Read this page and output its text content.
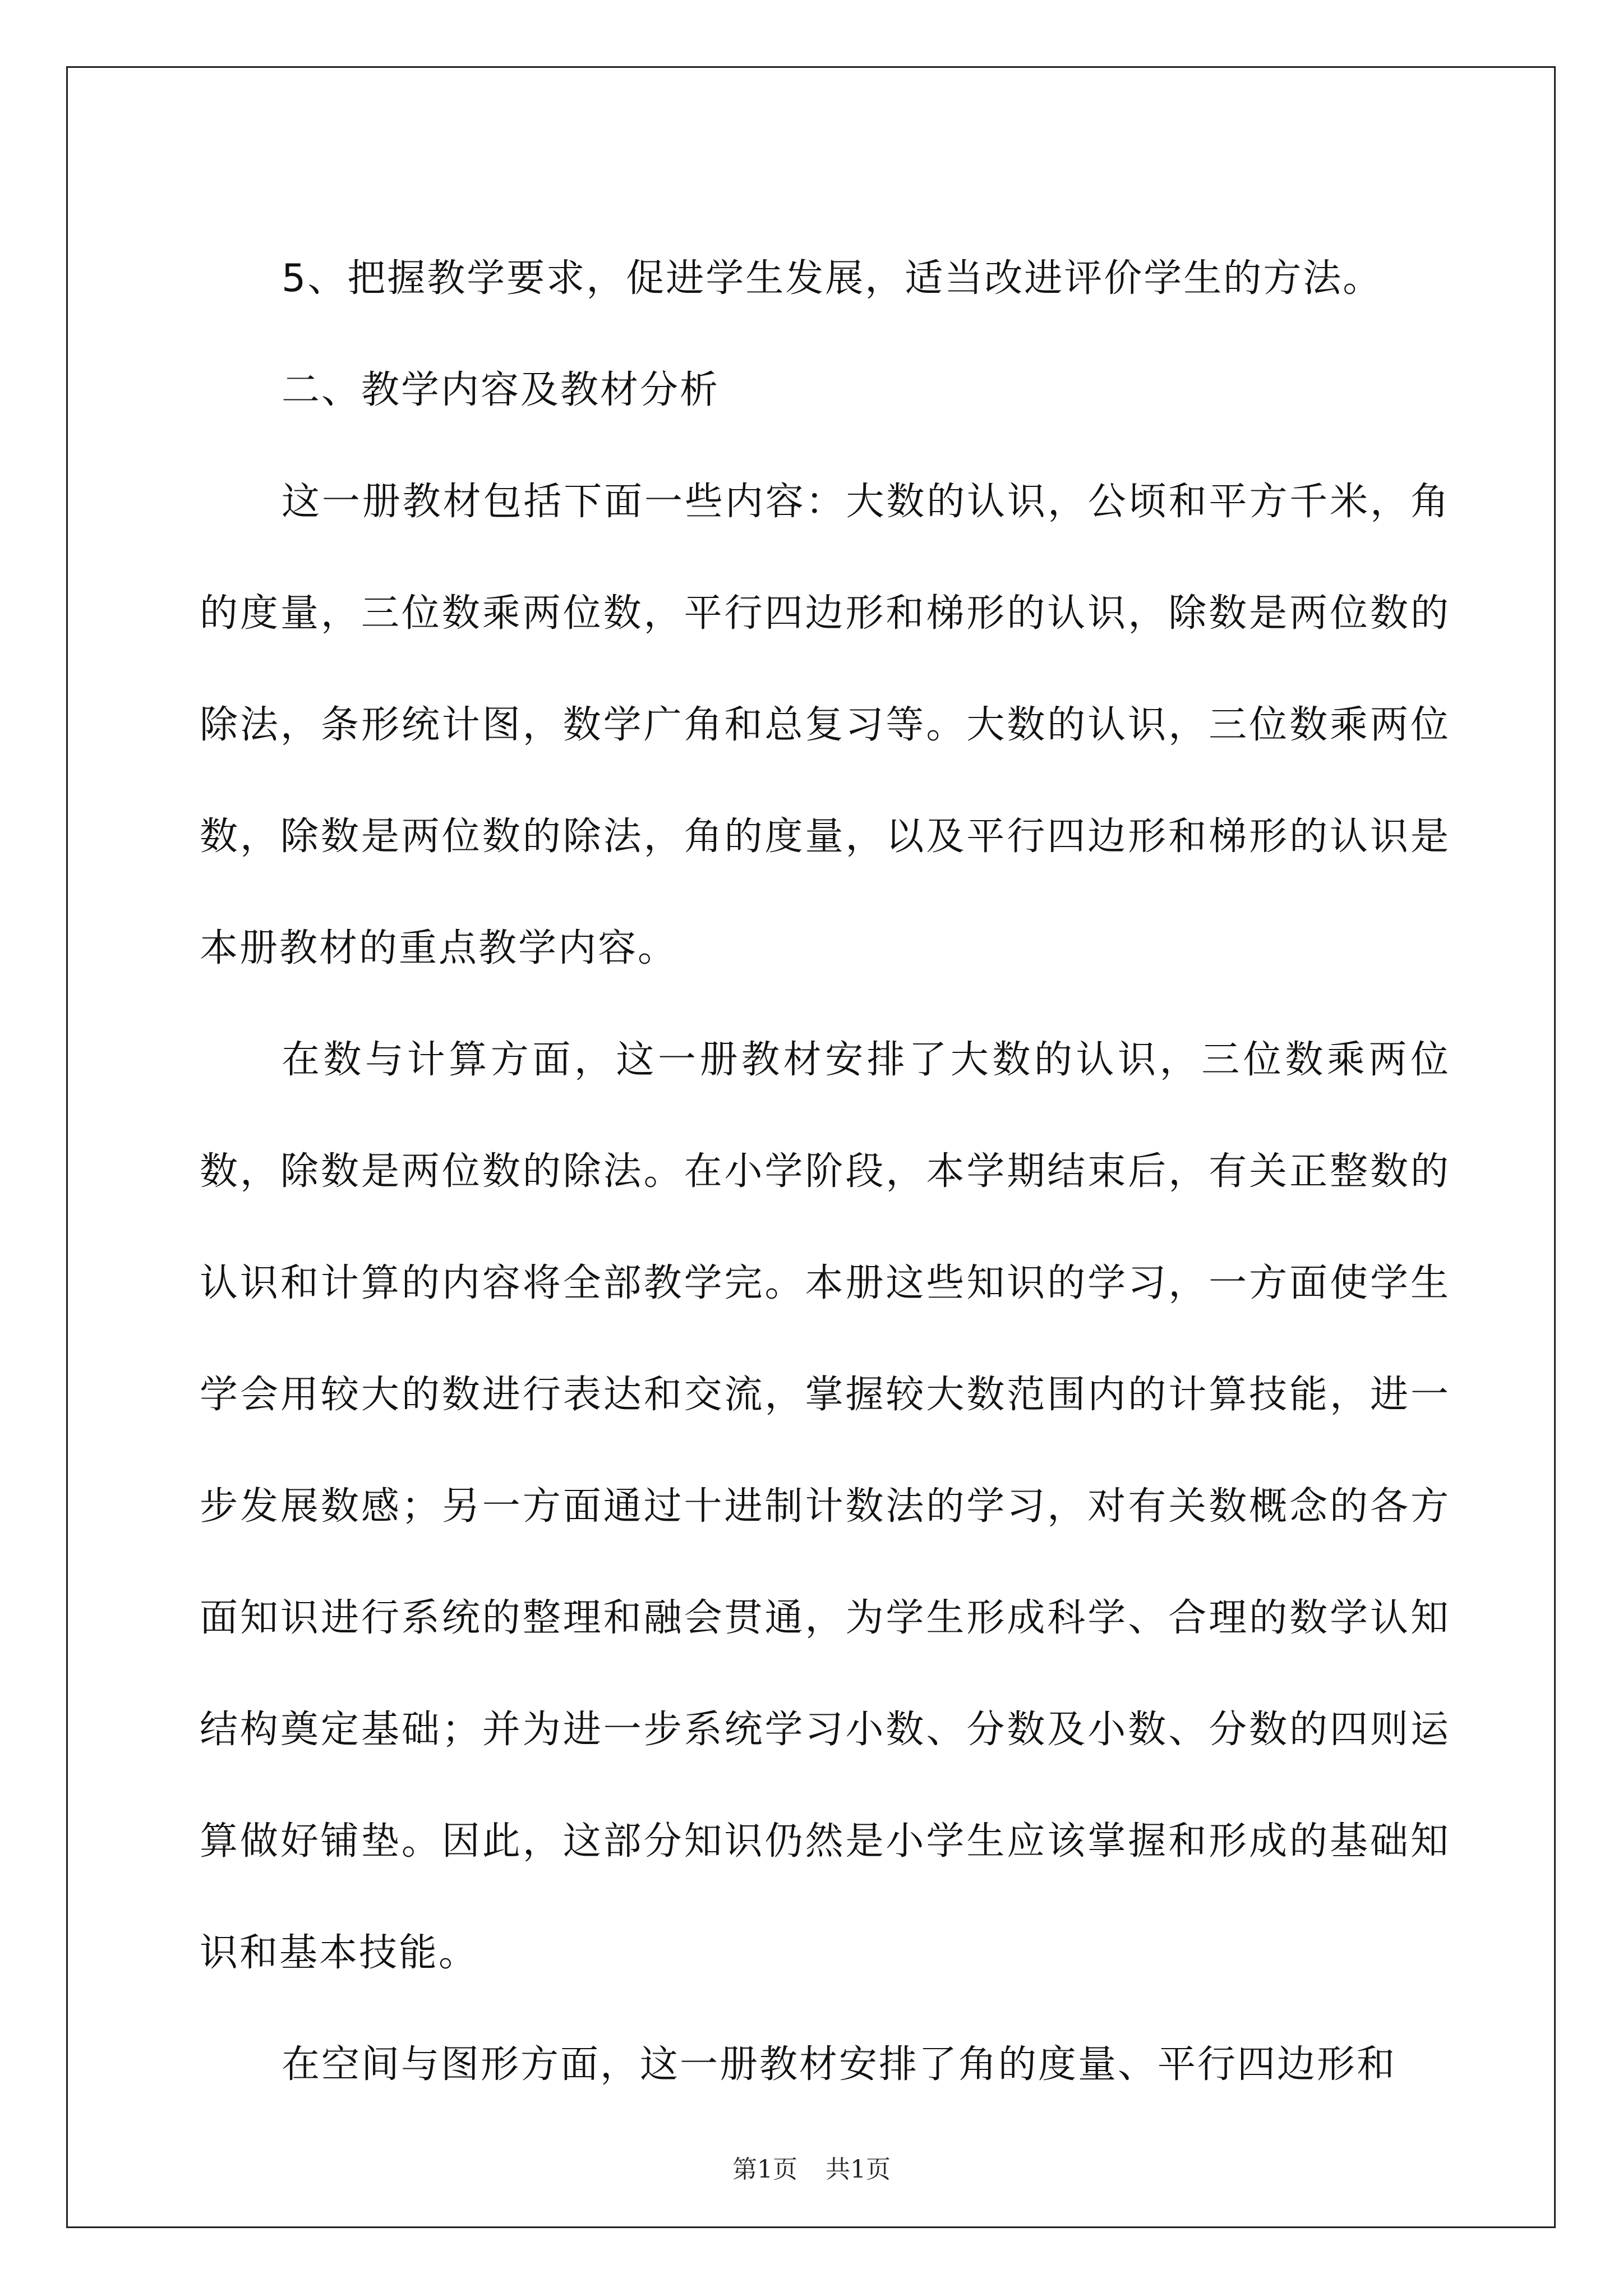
5、把握教学要求，促进学生发展，适当改进评价学生的方法。

二、教学内容及教材分析

这一册教材包括下面一些内容：大数的认识，公顷和平方千米，角的度量，三位数乘两位数，平行四边形和梯形的认识，除数是两位数的除法，条形统计图，数学广角和总复习等。大数的认识，三位数乘两位数，除数是两位数的除法，角的度量，以及平行四边形和梯形的认识是本册教材的重点教学内容。

在数与计算方面，这一册教材安排了大数的认识，三位数乘两位数，除数是两位数的除法。在小学阶段，本学期结束后，有关正整数的认识和计算的内容将全部教学完。本册这些知识的学习，一方面使学生学会用较大的数进行表达和交流，掌握较大数范围内的计算技能，进一步发展数感；另一方面通过十进制计数法的学习，对有关数概念的各方面知识进行系统的整理和融会贯通，为学生形成科学、合理的数学认知结构奠定基础；并为进一步系统学习小数、分数及小数、分数的四则运算做好铺垫。因此，这部分知识仍然是小学生应该掌握和形成的基础知识和基本技能。

在空间与图形方面，这一册教材安排了角的度量、平行四边形和

第1页 共1页
